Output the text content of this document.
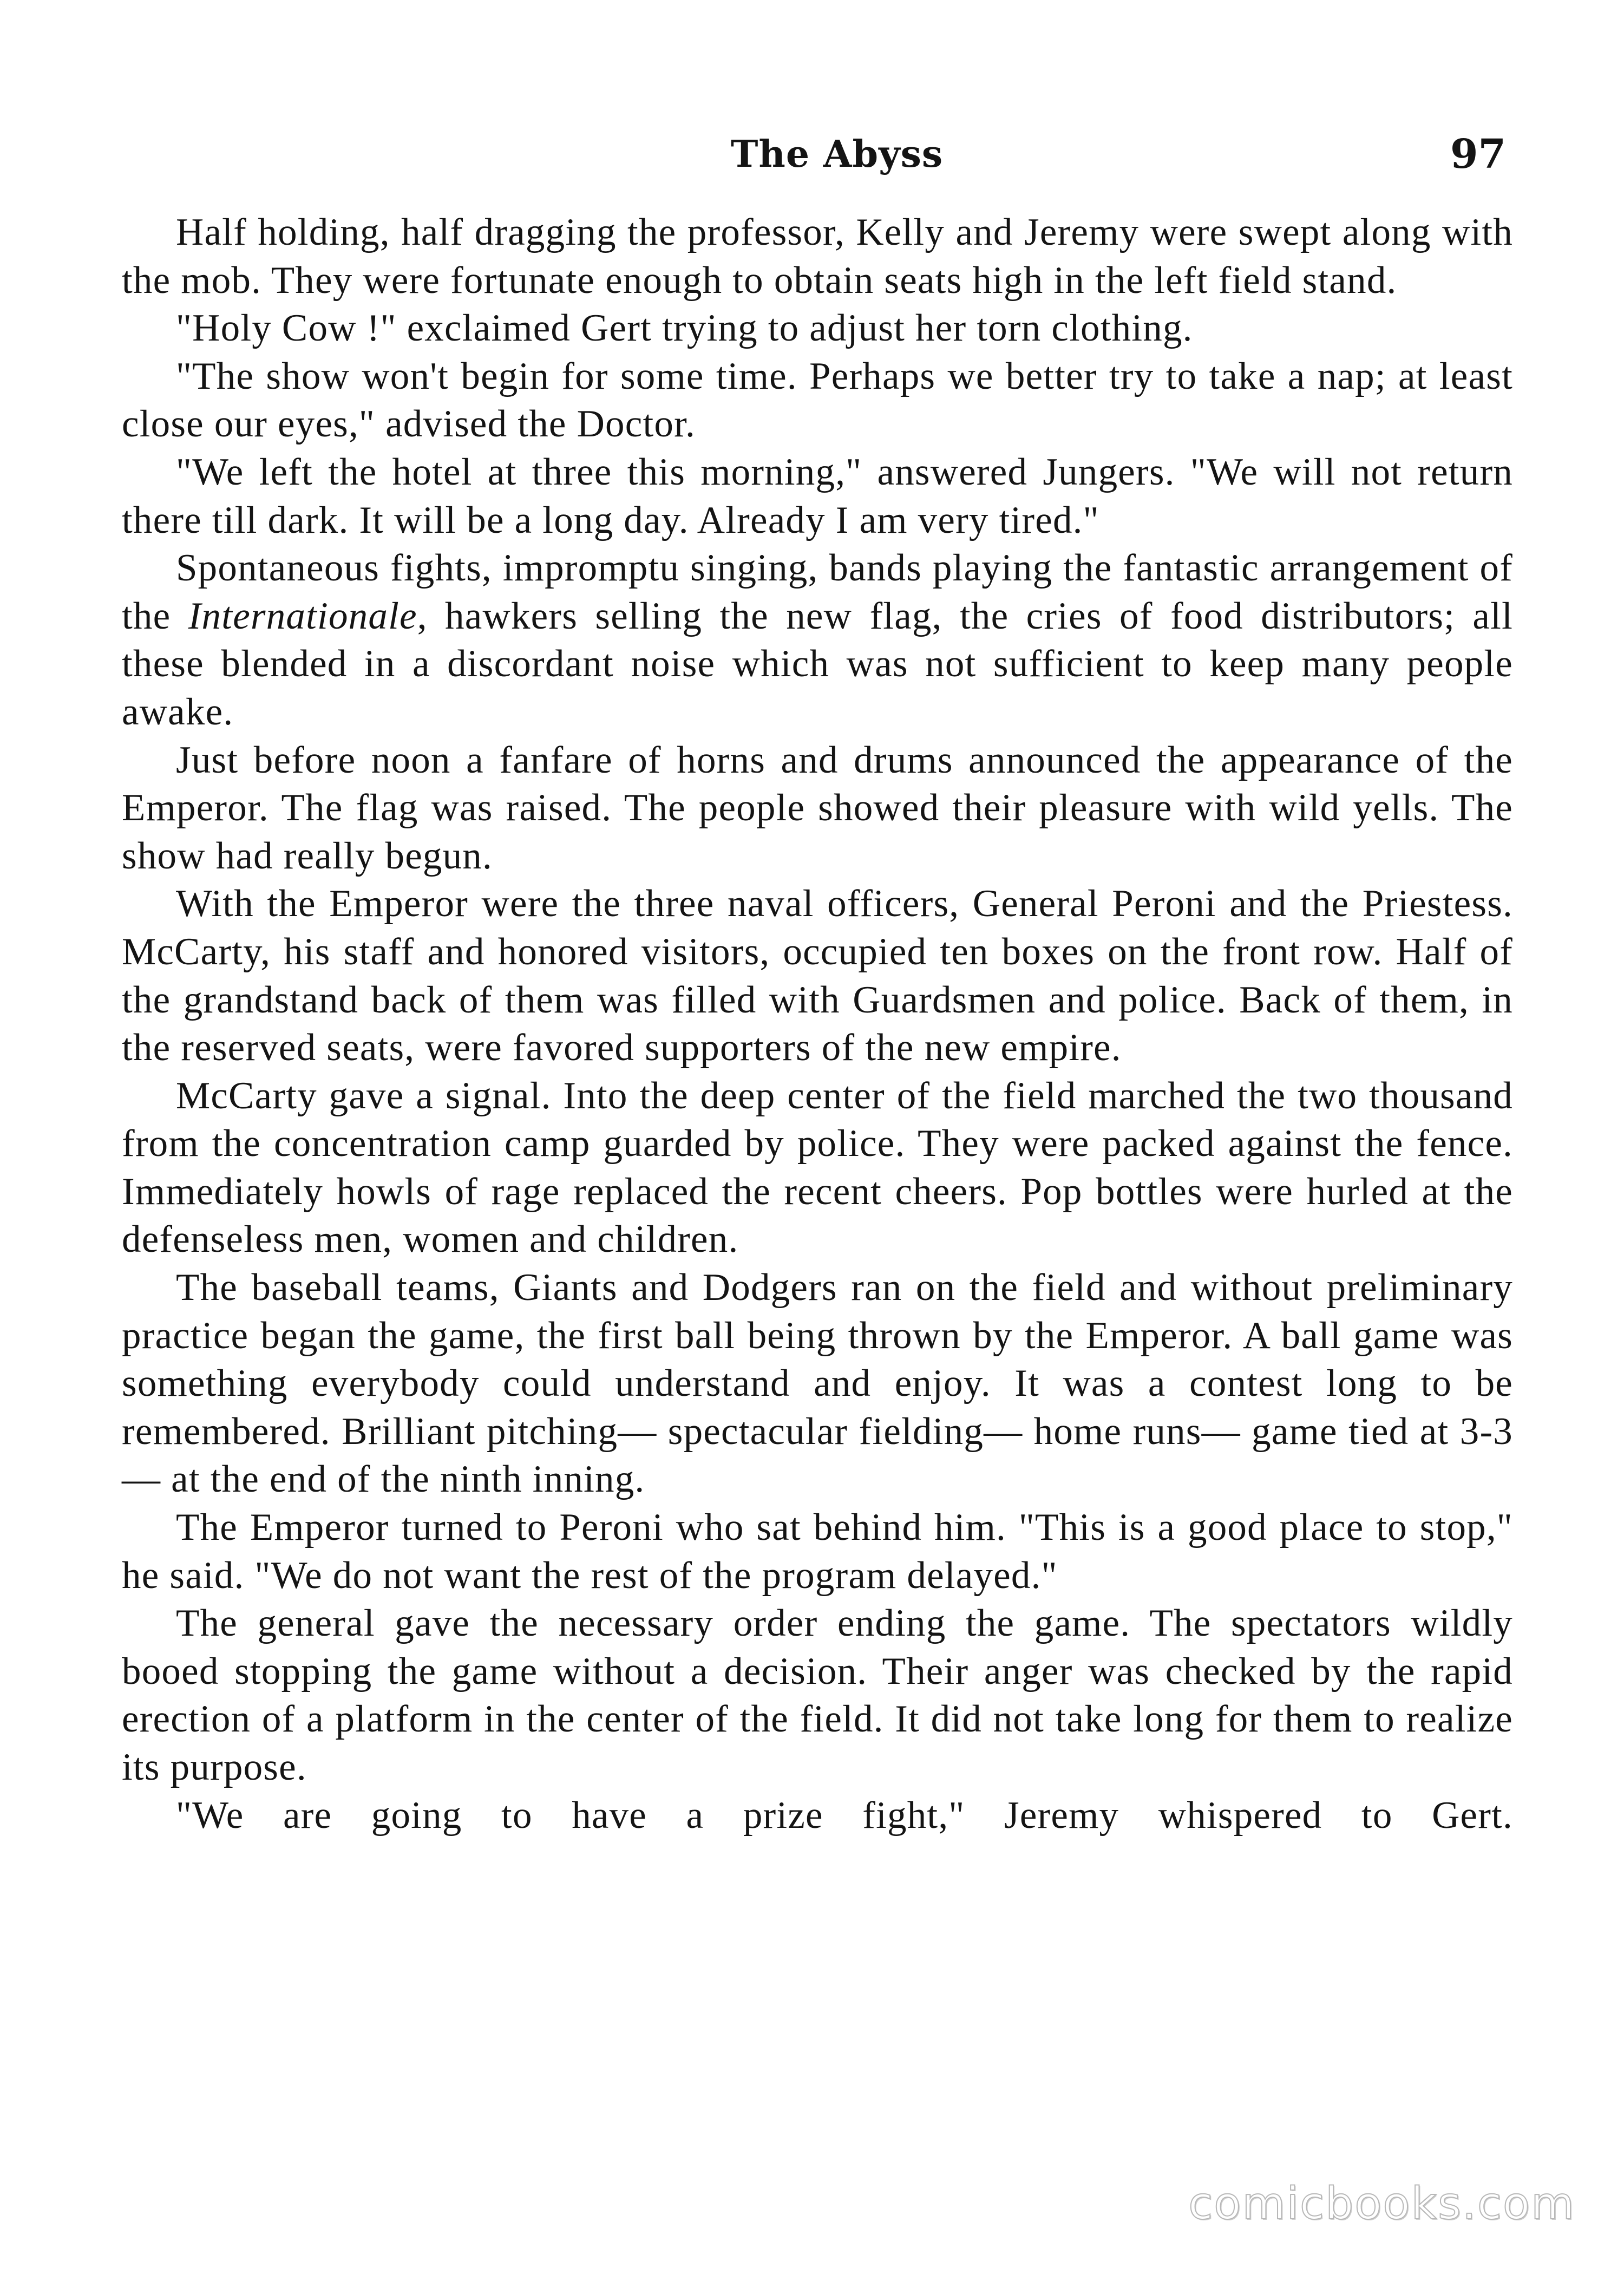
The Abyss	97

Half holding, half dragging the professor, Kelly and Jeremy were swept along with the mob. They were fortunate enough to obtain seats high in the left field stand.

"Holy Cow !" exclaimed Gert trying to adjust her torn clothing.

"The show won't begin for some time. Perhaps we better try to take a nap; at least close our eyes," advised the Doctor.

"We left the hotel at three this morning," answered Jungers. "We will not return there till dark. It will be a long day. Already I am very tired."

Spontaneous fights, impromptu singing, bands playing the fantastic arrangement of the Internationale, hawkers selling the new flag, the cries of food distributors; all these blended in a discordant noise which was not sufficient to keep many people awake.

Just before noon a fanfare of horns and drums announced the appearance of the Emperor. The flag was raised. The people showed their pleasure with wild yells. The show had really begun.

With the Emperor were the three naval officers, General Peroni and the Priestess. McCarty, his staff and honored visitors, occupied ten boxes on the front row. Half of the grandstand back of them was filled with Guardsmen and police. Back of them, in the reserved seats, were favored supporters of the new empire.

McCarty gave a signal. Into the deep center of the field marched the two thousand from the concentration camp guarded by police. They were packed against the fence. Immediately howls of rage replaced the recent cheers. Pop bottles were hurled at the defenseless men, women and children.

The baseball teams, Giants and Dodgers ran on the field and without preliminary practice began the game, the first ball being thrown by the Emperor. A ball game was something everybody could understand and enjoy. It was a contest long to be remembered. Brilliant pitching— spectacular fielding— home runs— game tied at 3-3— at the end of the ninth inning.

The Emperor turned to Peroni who sat behind him. "This is a good place to stop," he said. "We do not want the rest of the program delayed."

The general gave the necessary order ending the game. The spectators wildly booed stopping the game without a decision. Their anger was checked by the rapid erection of a platform in the center of the field. It did not take long for them to realize its purpose.

"We are going to have a prize fight," Jeremy whispered to Gert.

comicbooks.com
